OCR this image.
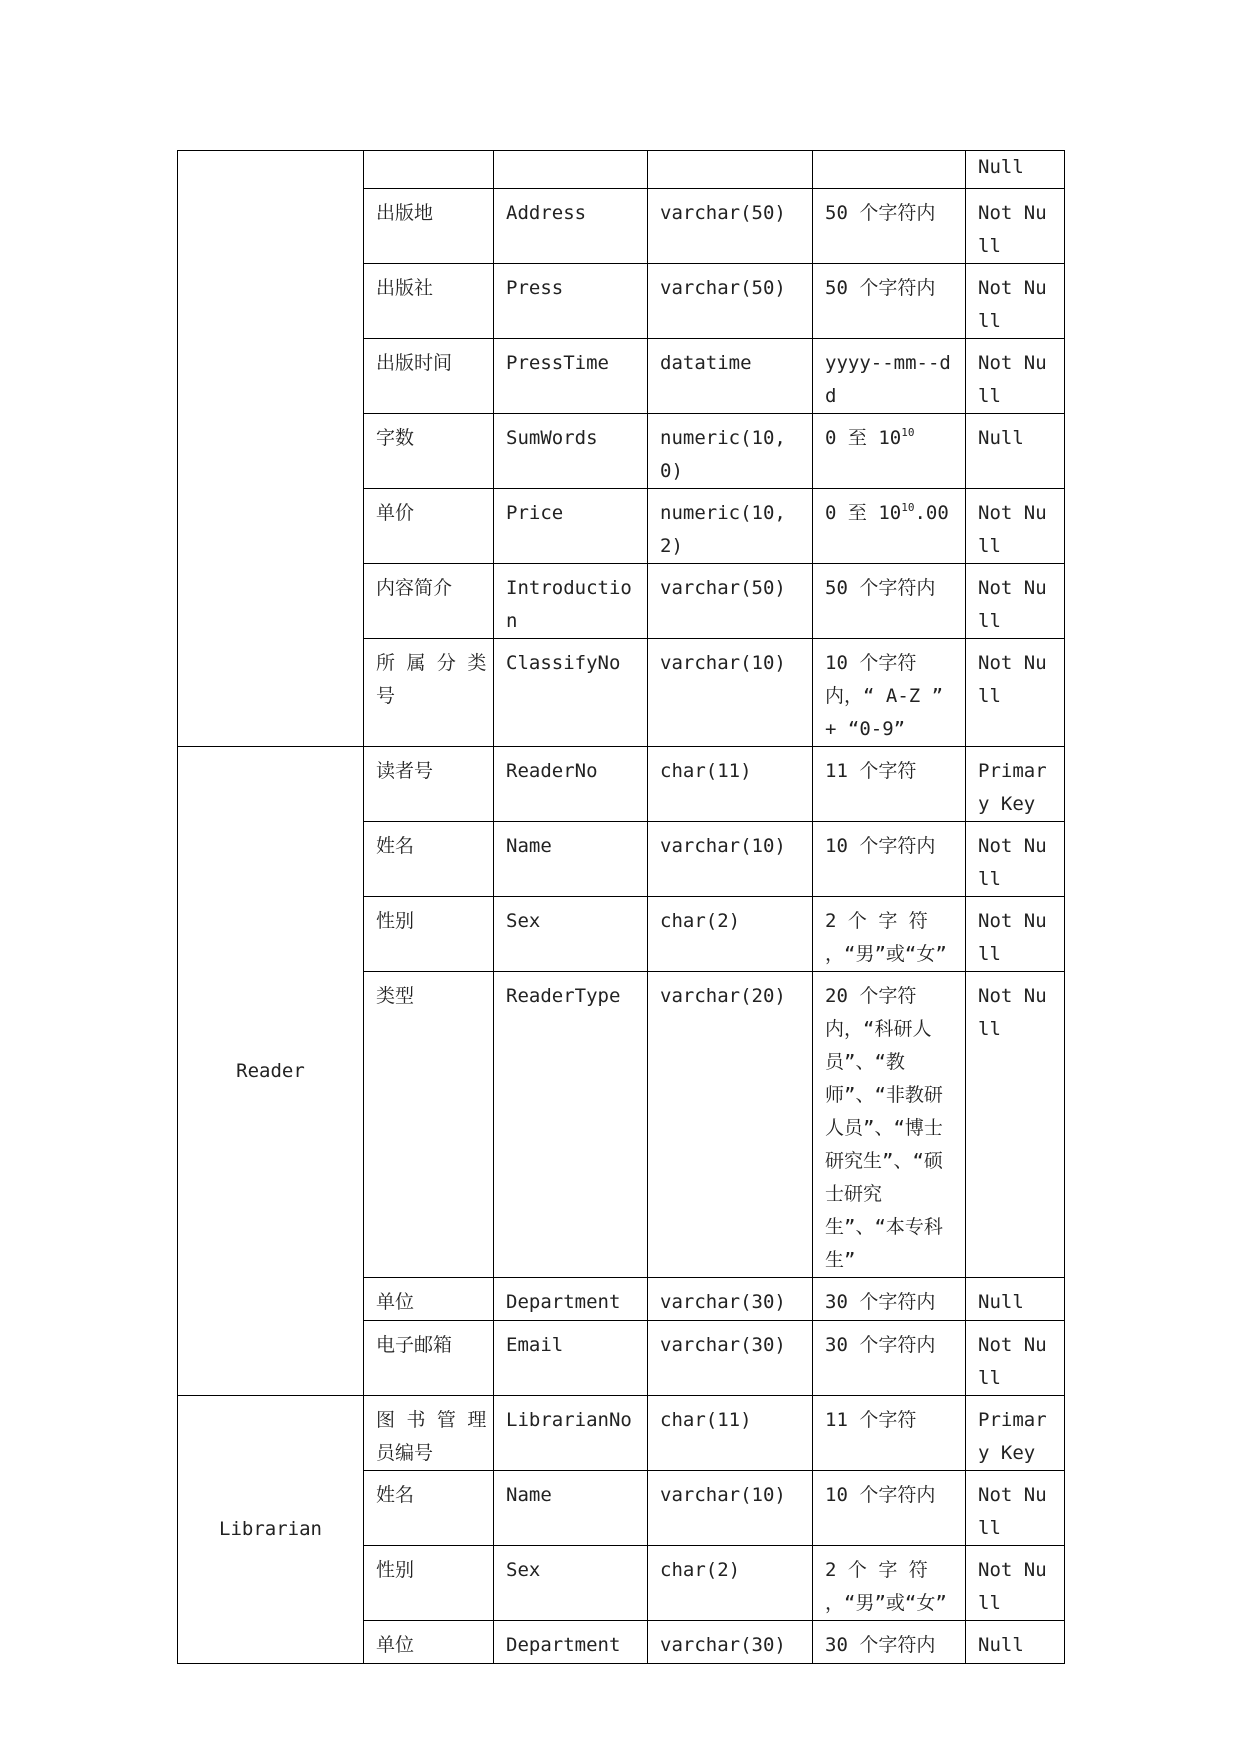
					Null
	出版地	Address	varchar(50)	50 个字符内	Not Null
	出版社	Press	varchar(50)	50 个字符内	Not Null
	出版时间	PressTime	datatime	yyyy--mm--dd	Not Null
	字数	SumWords	numeric(10,0)	0 至 $10^{10}$	Null
	单价	Price	numeric(10,2)	0 至 $10^{10}.00$	Not Null
	内容简介	Introduction	varchar(50)	50 个字符内	Not Null
	所 属 分 类 号	ClassifyNo	varchar(10)	10 个字符内，“ A-Z ” + “0-9”	Not Null
Reader	读者号	ReaderNo	char(11)	11 个字符	Primary Key
	姓名	Name	varchar(10)	10 个字符内	Not Null
	性别	Sex	char(2)	2 个 字 符 ，“男”或“女”	Not Null
	类型	ReaderType	varchar(20)	20 个字符内，“科研人员”、“教师”、“非教研人员”、“博士研究生”、“硕士研究生”、“本专科生”	Not Null
	单位	Department	varchar(30)	30 个字符内	Null
	电子邮箱	Email	varchar(30)	30 个字符内	Not Null
Librarian	图 书 管 理 员编号	LibrarianNo	char(11)	11 个字符	Primary Key
	姓名	Name	varchar(10)	10 个字符内	Not Null
	性别	Sex	char(2)	2 个 字 符 ，“男”或“女”	Not Null
	单位	Department	varchar(30)	30 个字符内	Null
